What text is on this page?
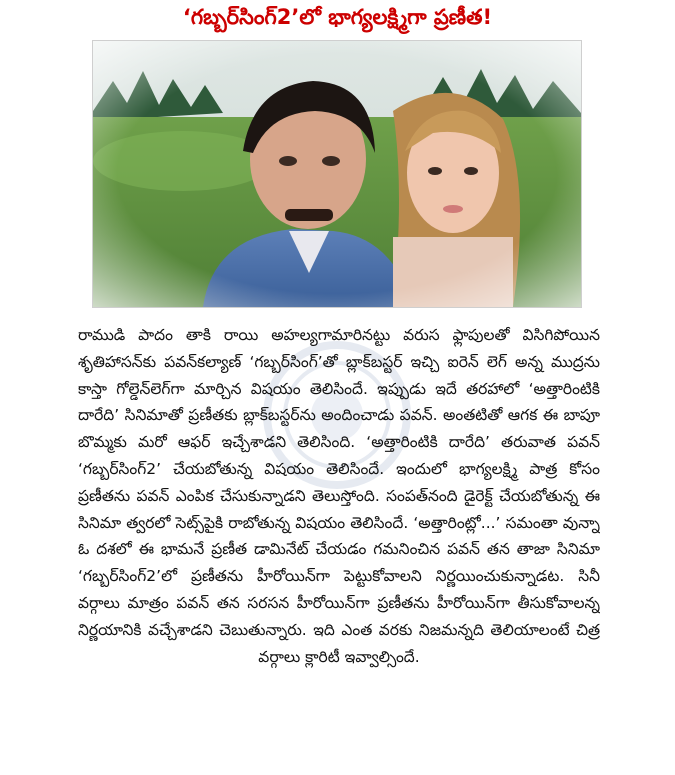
‘గబ్బర్‌సింగ్2’లో భాగ్యలక్ష్మిగా ప్రణీత!
రాముడి పాదం తాకి రాయి అహల్యగామారినట్టు వరుస ఫ్లాపులతో విసిగిపోయిన శృతిహాసన్‌కు పవన్‌కల్యాణ్ ‘గబ్బర్‌సింగ్’తో బ్లాక్‌బస్టర్ ఇచ్చి ఐరెన్ లెగ్ అన్న ముద్రను కాస్తా గోల్డెన్‌లెగ్‌గా మార్చిన విషయం తెలిసిందే. ఇప్పుడు ఇదే తరహాలో ‘అత్తారింటికి దారేది’ సినిమాతో ప్రణీతకు బ్లాక్‌బస్టర్‌ను అందించాడు పవన్. అంతటితో ఆగక ఈ బాపూ బొమ్మకు మరో ఆఫర్ ఇచ్చేశాడని తెలిసింది. ‘అత్తారింటికి దారేది’ తరువాత పవన్ ‘గబ్బర్‌సింగ్2’ చేయబోతున్న విషయం తెలిసిందే. ఇందులో భాగ్యలక్ష్మి పాత్ర కోసం ప్రణీతను పవన్ ఎంపిక చేసుకున్నాడని తెలుస్తోంది. సంపత్‌నంది డైరెక్ట్ చేయబోతున్న ఈ సినిమా త్వరలో సెట్స్‌పైకి రాబోతున్న విషయం తెలిసిందే. ‘అత్తారింట్లో...’ సమంతా వున్నా ఓ దశలో ఈ భామనే ప్రణీత డామినేట్ చేయడం గమనించిన పవన్ తన తాజా సినిమా ‘గబ్బర్‌సింగ్2’లో ప్రణీతను హీరోయిన్‌గా పెట్టుకోవాలని నిర్ణయించుకున్నాడట. సినీ వర్గాలు మాత్రం పవన్ తన సరసన హీరోయిన్‌గా ప్రణీతను హీరోయిన్‌గా తీసుకోవాలన్న నిర్ణయానికి వచ్చేశాడని చెబుతున్నారు. ఇది ఎంత వరకు నిజమన్నది తెలియాలంటే చిత్ర వర్గాలు క్లారిటీ ఇవ్వాల్సిందే.
